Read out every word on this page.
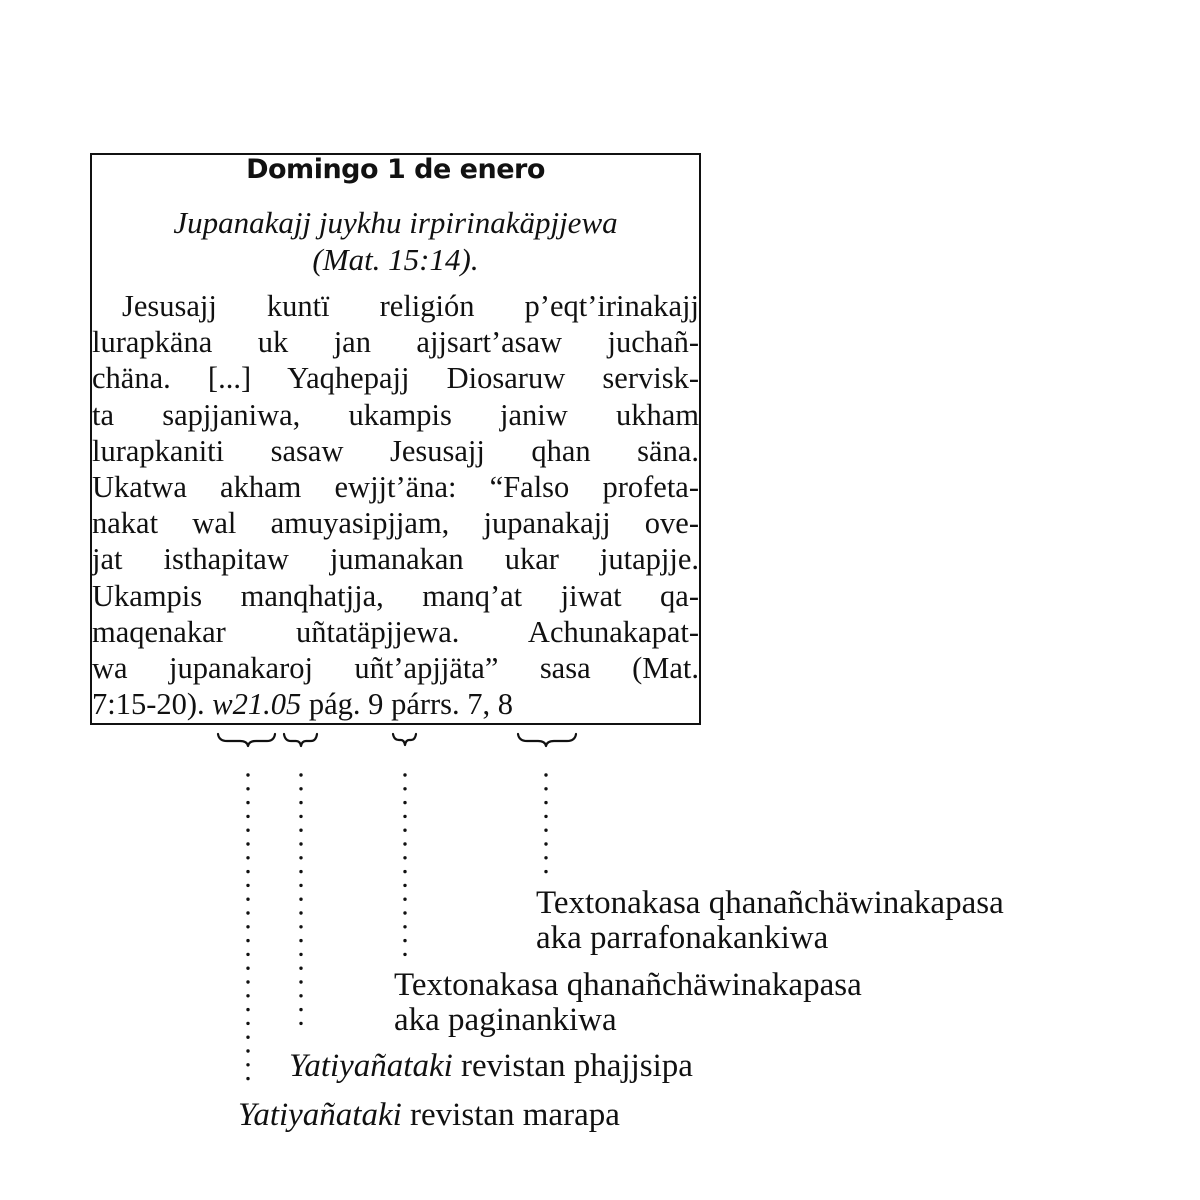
Domingo 1 de enero
Jupanakajj juykhu irpirinakäpjjewa
(Mat. 15:14).
Jesusajj kuntï religión p’eqt’irinakajj
lurapkäna uk jan ajjsart’asaw juchañ-
chäna. [...] Yaqhepajj Diosaruw servisk-
ta sapjjaniwa, ukampis janiw ukham
lurapkaniti sasaw Jesusajj qhan säna.
Ukatwa akham ewjjt’äna: “Falso profeta-
nakat wal amuyasipjjam, jupanakajj ove-
jat isthapitaw jumanakan ukar jutapjje.
Ukampis manqhatjja, manq’at jiwat qa-
maqenakar uñtatäpjjewa. Achunakapat-
wa jupanakaroj uñt’apjjäta” sasa (Mat.
7:15-20). w21.05 pág. 9 párrs. 7, 8
Textonakasa qhanañchäwinakapasa
aka parrafonakankiwa
Textonakasa qhanañchäwinakapasa
aka paginankiwa
Yatiyañataki revistan phajjsipa
Yatiyañataki revistan marapa
